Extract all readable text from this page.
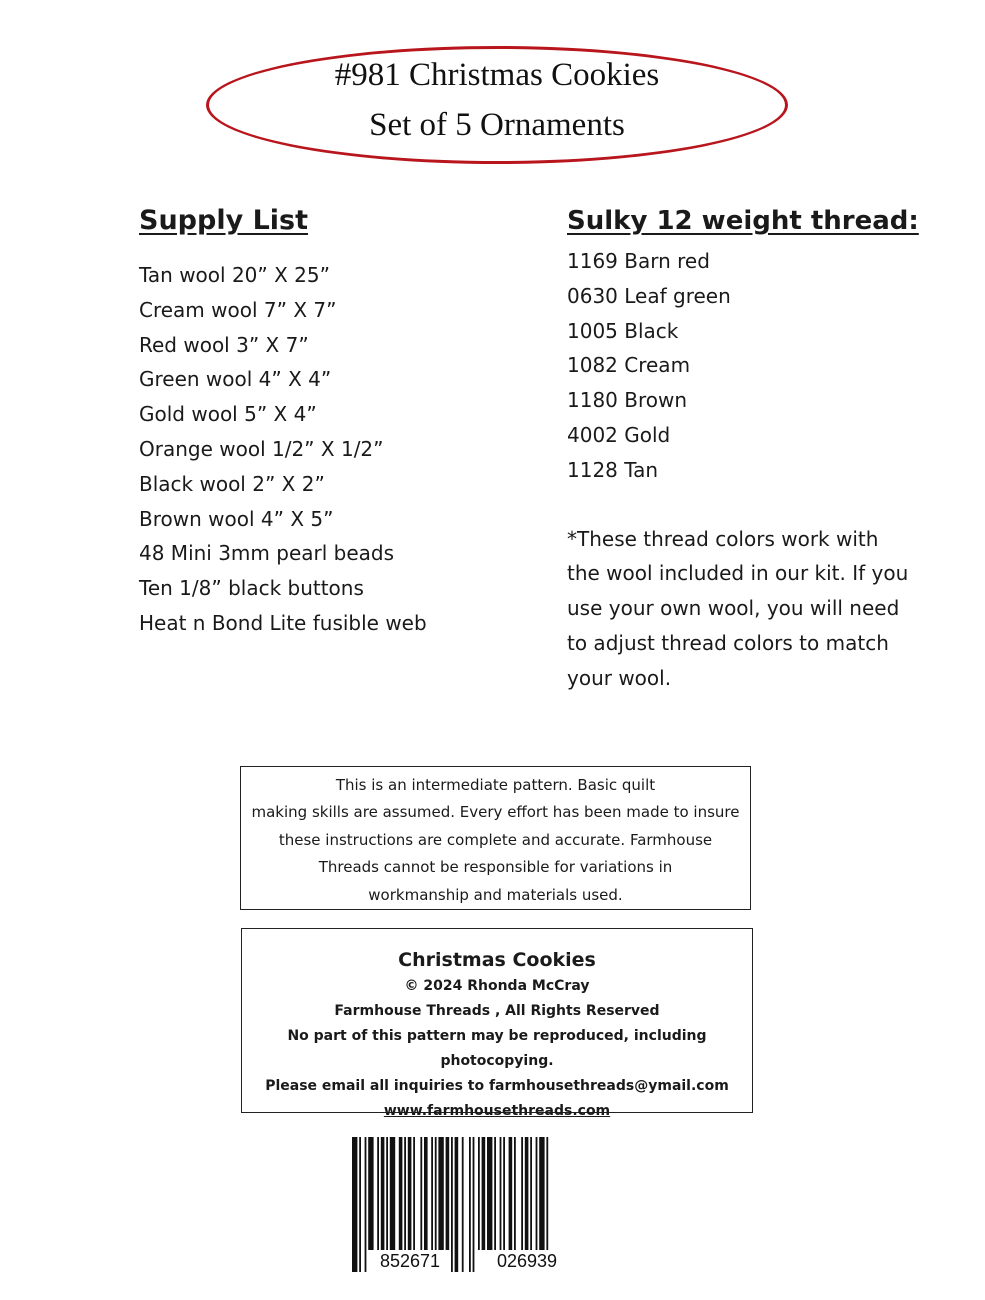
#981 Christmas Cookies
Set of 5 Ornaments
Supply List
Tan wool 20” X 25”
Cream wool 7” X 7”
Red wool 3” X 7”
Green wool 4” X 4”
Gold wool 5” X 4”
Orange wool 1/2” X 1/2”
Black wool 2” X 2”
Brown wool 4” X 5”
48 Mini 3mm pearl beads
Ten 1/8” black buttons
Heat n Bond Lite fusible web
Sulky 12 weight thread:
1169 Barn red
0630 Leaf green
1005 Black
1082 Cream
1180 Brown
4002 Gold
1128 Tan
*These thread colors work with
the wool included in our kit. If you
use your own wool, you will need
to adjust thread colors to match
your wool.
This is an intermediate pattern. Basic quilt
making skills are assumed. Every effort has been made to insure
these instructions are complete and accurate. Farmhouse
Threads cannot be responsible for variations in
workmanship and materials used.
Christmas Cookies
© 2024 Rhonda McCray
Farmhouse Threads , All Rights Reserved
No part of this pattern may be reproduced, including photocopying.
Please email all inquiries to farmhousethreads@ymail.com
www.farmhousethreads.com
852671	026939
